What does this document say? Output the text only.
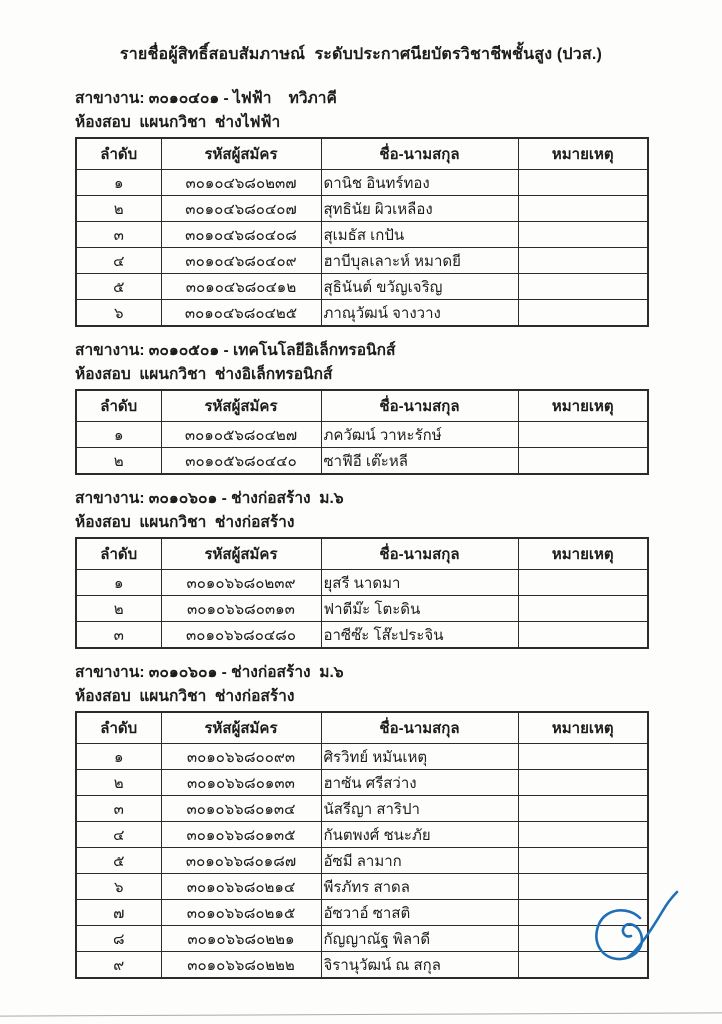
รายชื่อผู้สิทธิ์สอบสัมภาษณ์  ระดับประกาศนียบัตรวิชาชีพชั้นสูง (ปวส.)
สาขางาน: ๓๐๑๐๔๐๑ - ไฟฟ้า    ทวิภาคี
ห้องสอบ  แผนกวิชา  ช่างไฟฟ้า
ลำดับ	รหัสผู้สมัคร	ชื่อ-นามสกุล	หมายเหตุ
๑	๓๐๑๐๔๖๘๐๒๓๗	ดานิช อินทร์ทอง	
๒	๓๐๑๐๔๖๘๐๔๐๗	สุทธินัย ผิวเหลือง	
๓	๓๐๑๐๔๖๘๐๔๐๘	สุเมธัส เกปัน	
๔	๓๐๑๐๔๖๘๐๔๐๙	ฮาบีบุลเลาะห์ หมาดยี	
๕	๓๐๑๐๔๖๘๐๔๑๒	สุธินันต์ ขวัญเจริญ	
๖	๓๐๑๐๔๖๘๐๔๒๕	ภาณุวัฒน์ จางวาง	
สาขางาน: ๓๐๑๐๕๐๑ - เทคโนโลยีอิเล็กทรอนิกส์
ห้องสอบ  แผนกวิชา  ช่างอิเล็กทรอนิกส์
ลำดับ	รหัสผู้สมัคร	ชื่อ-นามสกุล	หมายเหตุ
๑	๓๐๑๐๕๖๘๐๔๒๗	ภควัฒน์ วาหะรักษ์	
๒	๓๐๑๐๕๖๘๐๔๔๐	ซาฟีอี เต๊ะหลี	
สาขางาน: ๓๐๑๐๖๐๑ - ช่างก่อสร้าง  ม.๖
ห้องสอบ  แผนกวิชา  ช่างก่อสร้าง
ลำดับ	รหัสผู้สมัคร	ชื่อ-นามสกุล	หมายเหตุ
๑	๓๐๑๐๖๖๘๐๒๓๙	ยุสรี นาดมา	
๒	๓๐๑๐๖๖๘๐๓๑๓	ฟาตีม๊ะ โตะดิน	
๓	๓๐๑๐๖๖๘๐๔๘๐	อาซีซ๊ะ โส๊ะประจิน	
สาขางาน: ๓๐๑๐๖๐๑ - ช่างก่อสร้าง  ม.๖
ห้องสอบ  แผนกวิชา  ช่างก่อสร้าง
ลำดับ	รหัสผู้สมัคร	ชื่อ-นามสกุล	หมายเหตุ
๑	๓๐๑๐๖๖๘๐๐๙๓	ศิรวิทย์ หมันเหตุ	
๒	๓๐๑๐๖๖๘๐๑๓๓	ฮาซัน ศรีสว่าง	
๓	๓๐๑๐๖๖๘๐๑๓๔	นัสรีญา สาริปา	
๔	๓๐๑๐๖๖๘๐๑๓๕	กันตพงศ์ ชนะภัย	
๕	๓๐๑๐๖๖๘๐๑๘๗	อัซมี ลามาก	
๖	๓๐๑๐๖๖๘๐๒๑๔	พีรภัทร สาดล	
๗	๓๐๑๐๖๖๘๐๒๑๕	อัซวาอ์ ซาสติ	
๘	๓๐๑๐๖๖๘๐๒๒๑	กัญญาณัฐ พิลาดี	
๙	๓๐๑๐๖๖๘๐๒๒๒	จิรานุวัฒน์ ณ สกุล	
